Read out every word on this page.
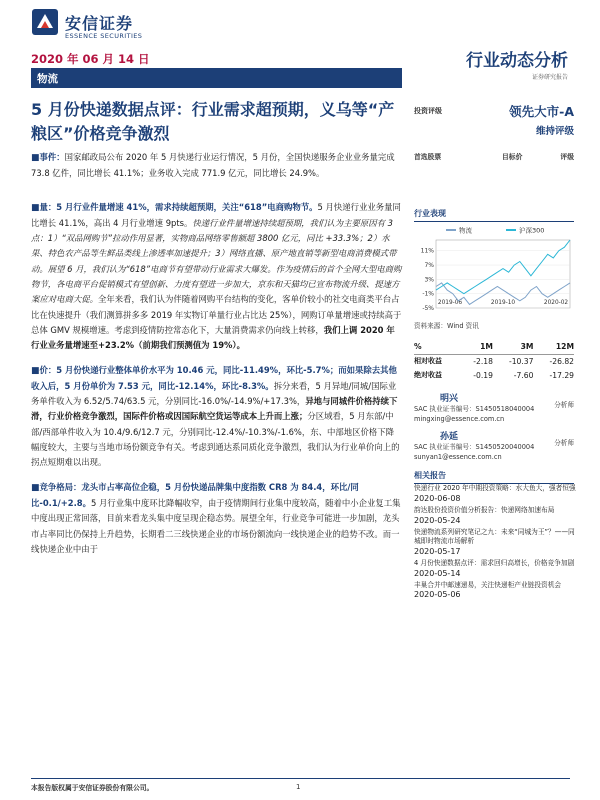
安信证券
ESSENCE SECURITIES
2020 年 06 月 14 日	行业动态分析
证券研究报告
物流
5 月份快递数据点评：行业需求超预期，义乌等“产粮区”价格竞争激烈
■事件：国家邮政局公布 2020 年 5 月快递行业运行情况，5 月份，全国快递服务企业业务量完成 73.8 亿件，同比增长 41.1%；业务收入完成 771.9 亿元，同比增长 24.9%。
■量：5 月行业件量增速 41%，需求持续超预期，关注“618”电商购物节。5 月快递行业业务量同比增长 41.1%，高出 4 月行业增速 9pts。快递行业件量增速持续超预期，我们认为主要原因有 3 点：1）“双品网购节”拉动作用显著，实物商品网络零售额超 3800 亿元，同比 +33.3%；2）水果、特色农产品等生鲜品类线上渗透率加速提升；3）网络直播、原产地直销等新型电商消费模式带动。展望 6 月，我们认为“618”电商节有望带动行业需求大爆发。作为疫情后的首个全网大型电商购物节，各电商平台促销模式有望创新、力度有望进一步加大，京东和天猫均已宣布物流升级、提速方案应对电商大促。全年来看，我们认为伴随着网购平台结构的变化，客单价较小的社交电商类平台占比在快速提升（我们测算拼多多 2019 年实物订单量行业占比达 25%），网购订单量增速或持续高于总体 GMV 规模增速。考虑到疫情防控常态化下，大量消费需求仍向线上转移，我们上调 2020 年行业业务量增速至+23.2%（前期我们预测值为 19%）。
■价：5 月份快递行业整体单价水平为 10.46 元，同比-11.49%，环比-5.7%；而如果除去其他收入后，5 月份单价为 7.53 元，同比-12.14%，环比-8.3%。拆分来看，5 月异地/同城/国际业务单件收入为 6.52/5.74/63.5 元，分别同比-16.0%/-14.9%/+17.3%，异地与同城件价格持续下滑，行业价格竞争激烈，国际件价格或因国际航空货运等成本上升而上涨；分区域看，5 月东部/中部/西部单件收入为 10.4/9.6/12.7 元，分别同比-12.4%/-10.3%/-1.6%，东、中部地区价格下降幅度较大，主要与当地市场份额竞争有关。考虑到通达系同质化竞争激烈，我们认为行业单价向上的拐点短期难以出现。
■竞争格局：龙头市占率高位企稳，5 月份快递品牌集中度指数 CR8 为 84.4，环比/同比-0.1/+2.8。5 月行业集中度环比降幅收窄，由于疫情期间行业集中度较高，随着中小企业复工集中度出现正常回落，目前来看龙头集中度呈现企稳态势。展望全年，行业竞争可能进一步加剧，龙头市占率同比仍保持上升趋势，长期看二三线快递企业的市场份额流向一线快递企业的趋势不改。而一线快递企业中由于
投资评级	领先大市-A
维持评级
首选股票	目标价	评级
行业表现
物流	沪深300
11%
7%
3%
-1%
-5%
2019-06	2019-10	2020-02
资料来源：Wind 资讯
%	1M	3M	12M
相对收益	-2.18	-10.37	-26.82
绝对收益	-0.19	-7.60	-17.29
明兴
分析师
SAC 执业证书编号：S1450518040004
mingxing@essence.com.cn
孙延
分析师
SAC 执业证书编号：S1450520040004
sunyan1@essence.com.cn
相关报告
快递行业 2020 年中期投资策略：水大鱼大，强者恒强 2020-06-08
韵达股份投资价值分析报告：快递网络加速布局
2020-05-24
快递物流系列研究笔记之九：未来“同城为王”？——同城即时物流市场解析
2020-05-17
4 月份快递数据点评：需求回归高增长，价格竞争加剧
2020-05-14
丰巢合并中邮速递易，关注快递柜产业链投资机会 2020-05-06
本报告版权属于安信证券股份有限公司。	1
